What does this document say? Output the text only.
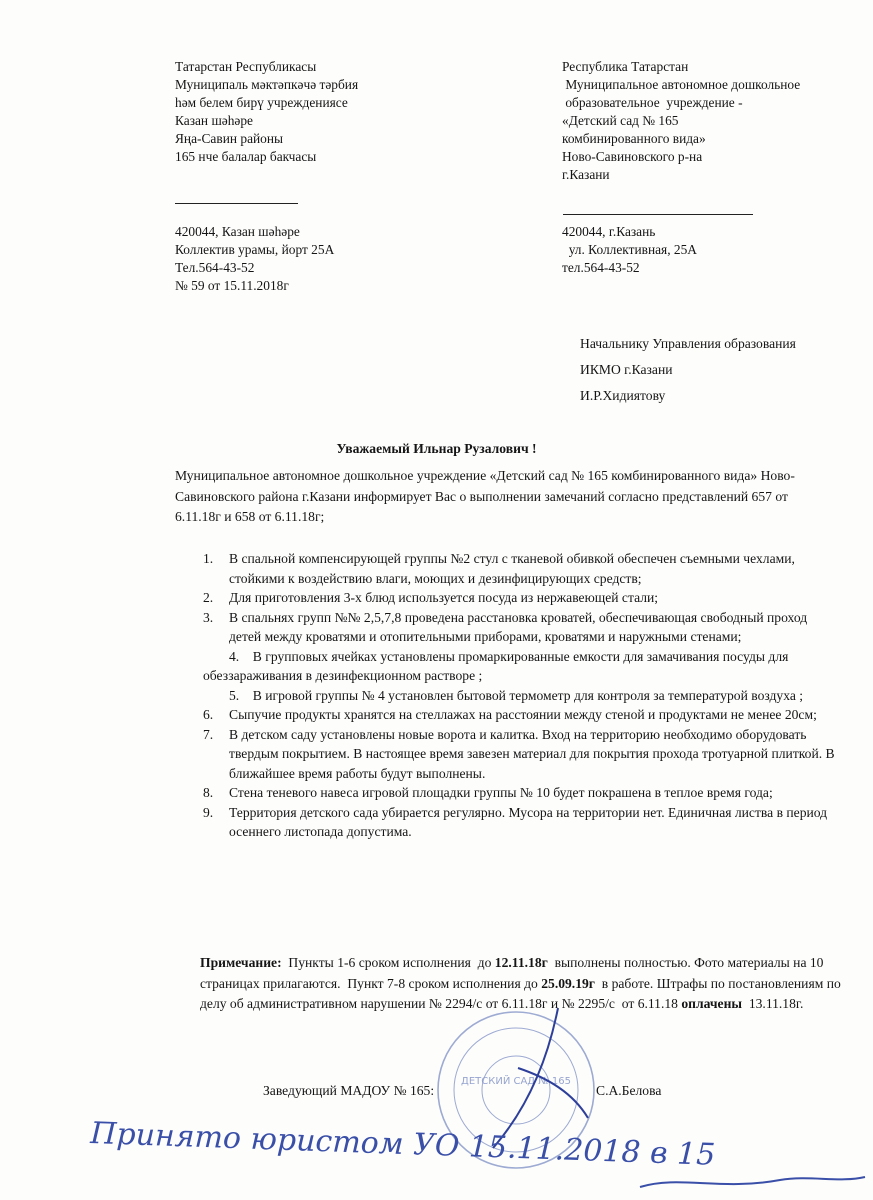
Татарстан Республикасы
Муниципаль мәктәпкәчә тәрбия
һәм белем бирү учреждениясе
Казан шәһәре
Яңа-Савин районы
165 нче балалар бакчасы
Республика Татарстан
Муниципальное автономное дошкольное
образовательное  учреждение -
«Детский сад № 165
комбинированного вида»
Ново-Савиновского р-на
г.Казани
420044, Казан шәһәре
Коллектив урамы, йорт 25А
Тел.564-43-52
№ 59 от 15.11.2018г
420044, г.Казань
ул. Коллективная, 25А
тел.564-43-52
Начальнику Управления образования
ИКМО г.Казани
И.Р.Хидиятову
Уважаемый Ильнар Рузалович !
Муниципальное автономное дошкольное учреждение «Детский сад № 165 комбинированного вида» Ново-Савиновского района г.Казани информирует Вас о выполнении замечаний согласно представлений 657 от 6.11.18г и 658 от 6.11.18г;
1. В спальной компенсирующей группы №2 стул с тканевой обивкой обеспечен съемными чехлами, стойкими к воздействию влаги, моющих и дезинфицирующих средств;
2. Для приготовления 3-х блюд используется посуда из нержавеющей стали;
3. В спальнях групп №№ 2,5,7,8 проведена расстановка кроватей, обеспечивающая свободный проход детей между кроватями и отопительными приборами, кроватями и наружными стенами;
4.    В групповых ячейках установлены промаркированные емкости для замачивания посуды для обеззараживания в дезинфекционном растворе ;
5.    В игровой группы № 4 установлен бытовой термометр для контроля за температурой воздуха ;
6. Сыпучие продукты хранятся на стеллажах на расстоянии между стеной и продуктами не менее 20см;
7. В детском саду установлены новые ворота и калитка. Вход на территорию необходимо оборудовать твердым покрытием. В настоящее время завезен материал для покрытия прохода тротуарной плиткой. В ближайшее время работы будут выполнены.
8. Стена теневого навеса игровой площадки группы № 10 будет покрашена в теплое время года;
9. Территория детского сада убирается регулярно. Мусора на территории нет. Единичная листва в период осеннего листопада допустима.
Примечание:  Пункты 1-6 сроком исполнения  до 12.11.18г  выполнены полностью. Фото материалы на 10 страницах прилагаются.  Пункт 7-8 сроком исполнения до 25.09.19г  в работе. Штрафы по постановлениям по делу об административном нарушении № 2294/с от 6.11.18г и № 2295/с  от 6.11.18 оплачены  13.11.18г.
ДЕТСКИЙ САД № 165
Заведующий МАДОУ № 165:	С.А.Белова
Принято юристом УО 15.11.2018 в 15
